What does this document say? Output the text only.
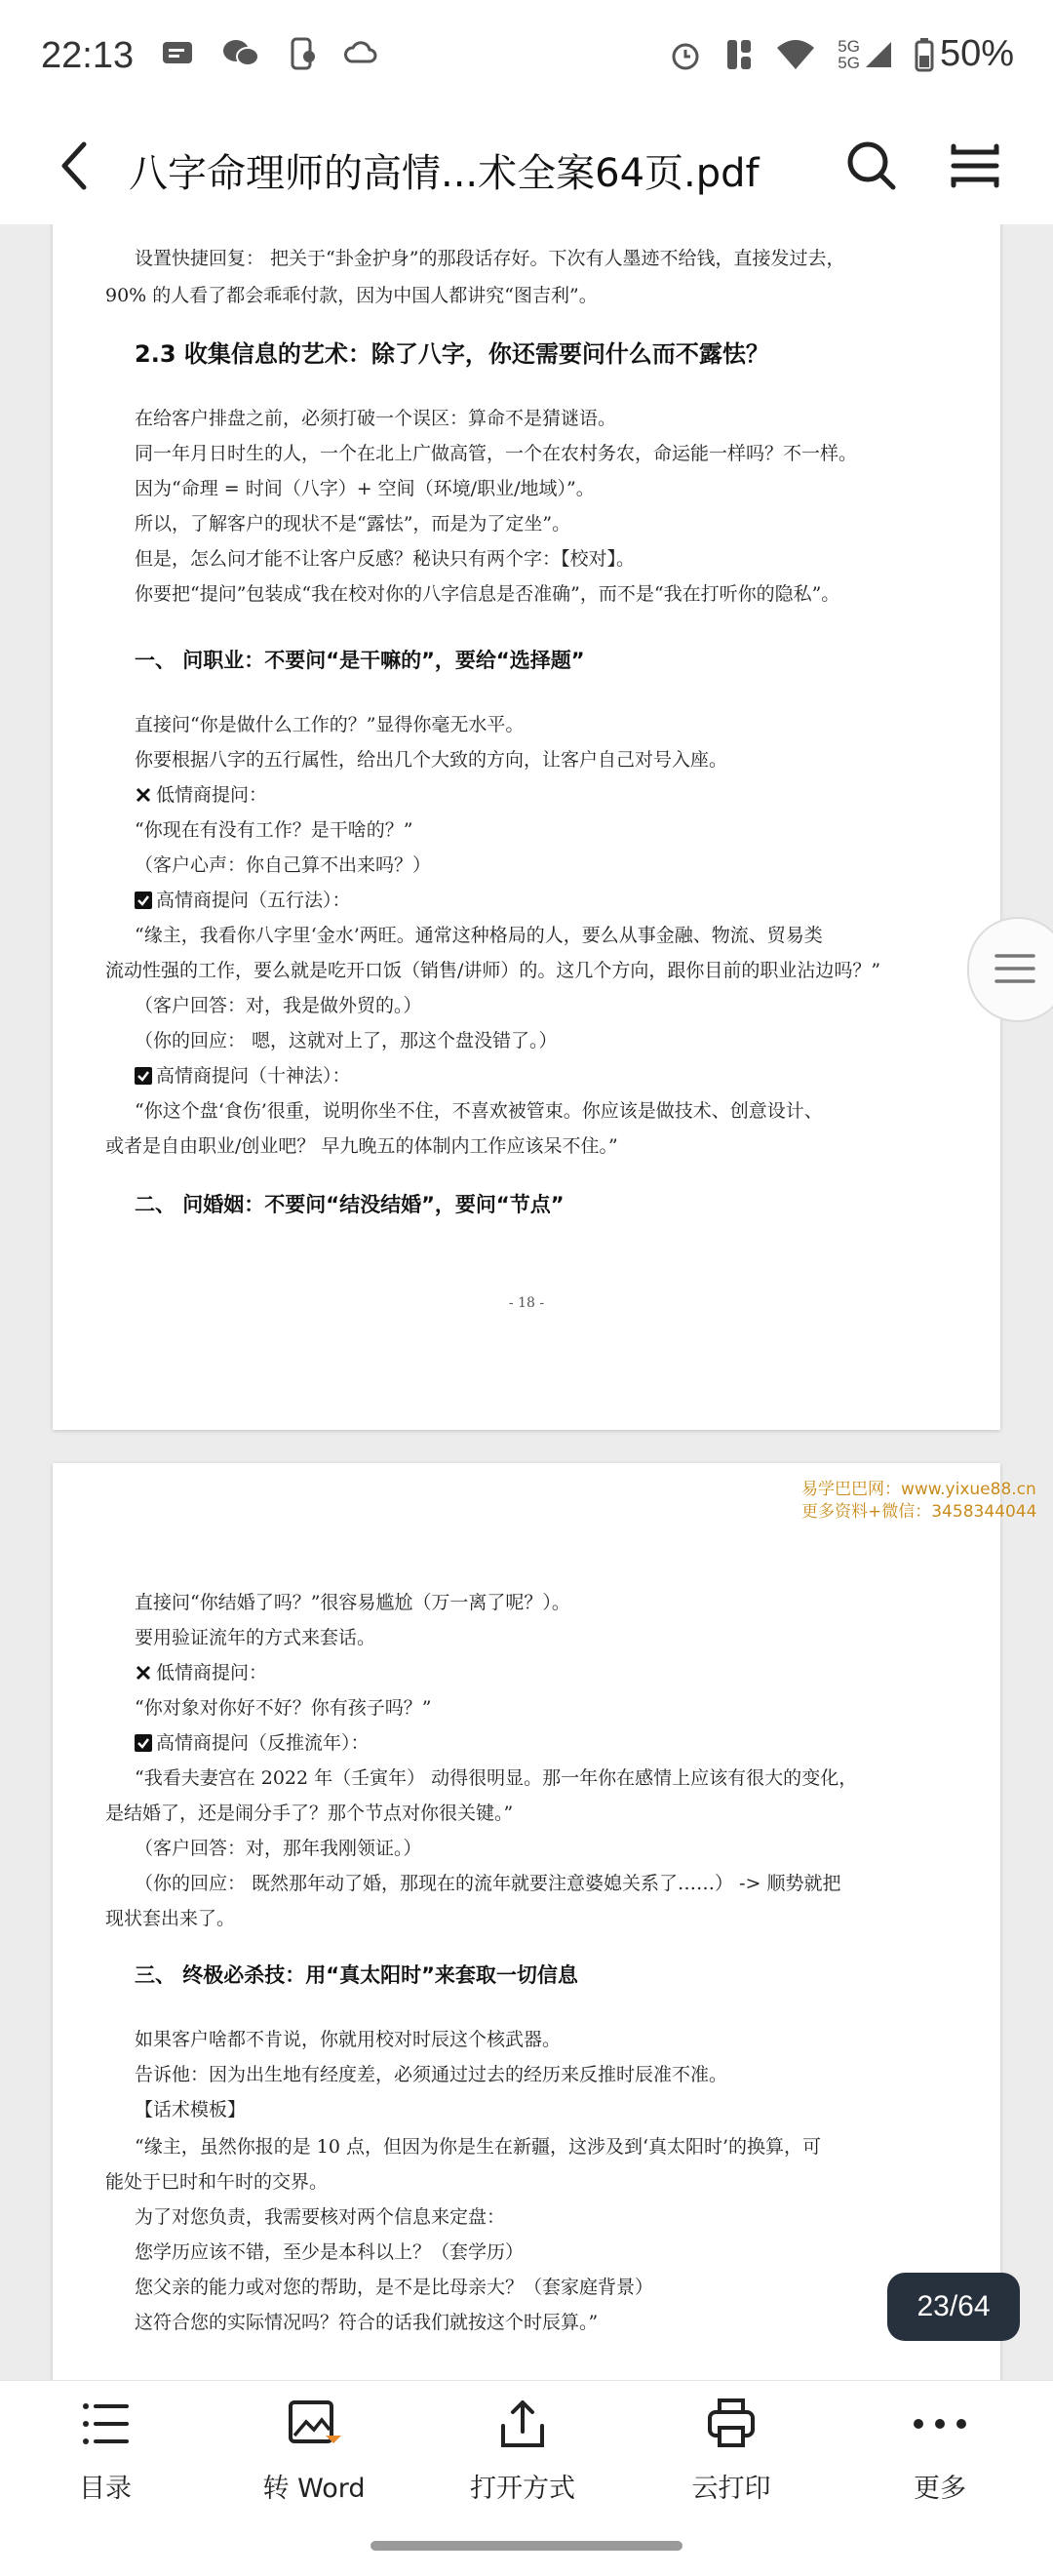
22:13	5G
5G 50%
八字命理师的高情...术全案64页.pdf
设置快捷回复： 把关于“卦金护身”的那段话存好。下次有人墨迹不给钱，直接发过去，
90% 的人看了都会乖乖付款，因为中国人都讲究“图吉利”。
2.3 收集信息的艺术：除了八字，你还需要问什么而不露怯？
在给客户排盘之前，必须打破一个误区：算命不是猜谜语。
同一年月日时生的人，一个在北上广做高管，一个在农村务农，命运能一样吗？不一样。
因为“命理 = 时间（八字）+ 空间（环境/职业/地域）”。
所以，了解客户的现状不是“露怯”，而是为了定坐”。
但是，怎么问才能不让客户反感？秘诀只有两个字：【校对】。
你要把“提问”包装成“我在校对你的八字信息是否准确”，而不是“我在打听你的隐私”。
一、 问职业：不要问“是干嘛的”，要给“选择题”
直接问“你是做什么工作的？”显得你毫无水平。
你要根据八字的五行属性，给出几个大致的方向，让客户自己对号入座。
低情商提问：
“你现在有没有工作？是干啥的？”
（客户心声：你自己算不出来吗？）
高情商提问（五行法）：
“缘主，我看你八字里‘金水’两旺。通常这种格局的人，要么从事金融、物流、贸易类
流动性强的工作，要么就是吃开口饭（销售/讲师）的。这几个方向，跟你目前的职业沾边吗？”
（客户回答：对，我是做外贸的。）
（你的回应： 嗯，这就对上了，那这个盘没错了。）
高情商提问（十神法）：
“你这个盘‘食伤’很重，说明你坐不住，不喜欢被管束。你应该是做技术、创意设计、
或者是自由职业/创业吧？ 早九晚五的体制内工作应该呆不住。”
二、 问婚姻：不要问“结没结婚”，要问“节点”
- 18 -
直接问“你结婚了吗？”很容易尴尬（万一离了呢？）。
要用验证流年的方式来套话。
低情商提问：
“你对象对你好不好？你有孩子吗？”
高情商提问（反推流年）：
“我看夫妻宫在 2022 年（壬寅年） 动得很明显。那一年你在感情上应该有很大的变化，
是结婚了，还是闹分手了？那个节点对你很关键。”
（客户回答：对，那年我刚领证。）
（你的回应： 既然那年动了婚，那现在的流年就要注意婆媳关系了……） -> 顺势就把
现状套出来了。
三、 终极必杀技：用“真太阳时”来套取一切信息
如果客户啥都不肯说，你就用校对时辰这个核武器。
告诉他：因为出生地有经度差，必须通过过去的经历来反推时辰准不准。
【话术模板】
“缘主，虽然你报的是 10 点，但因为你是生在新疆，这涉及到‘真太阳时’的换算，可
能处于巳时和午时的交界。
为了对您负责，我需要核对两个信息来定盘：
您学历应该不错，至少是本科以上？（套学历）
您父亲的能力或对您的帮助，是不是比母亲大？（套家庭背景）
这符合您的实际情况吗？符合的话我们就按这个时辰算。”
易学巴巴网：www.yixue88.cn
更多资料+微信：3458344044
23/64
目录	转 Word	打开方式	云打印	更多
